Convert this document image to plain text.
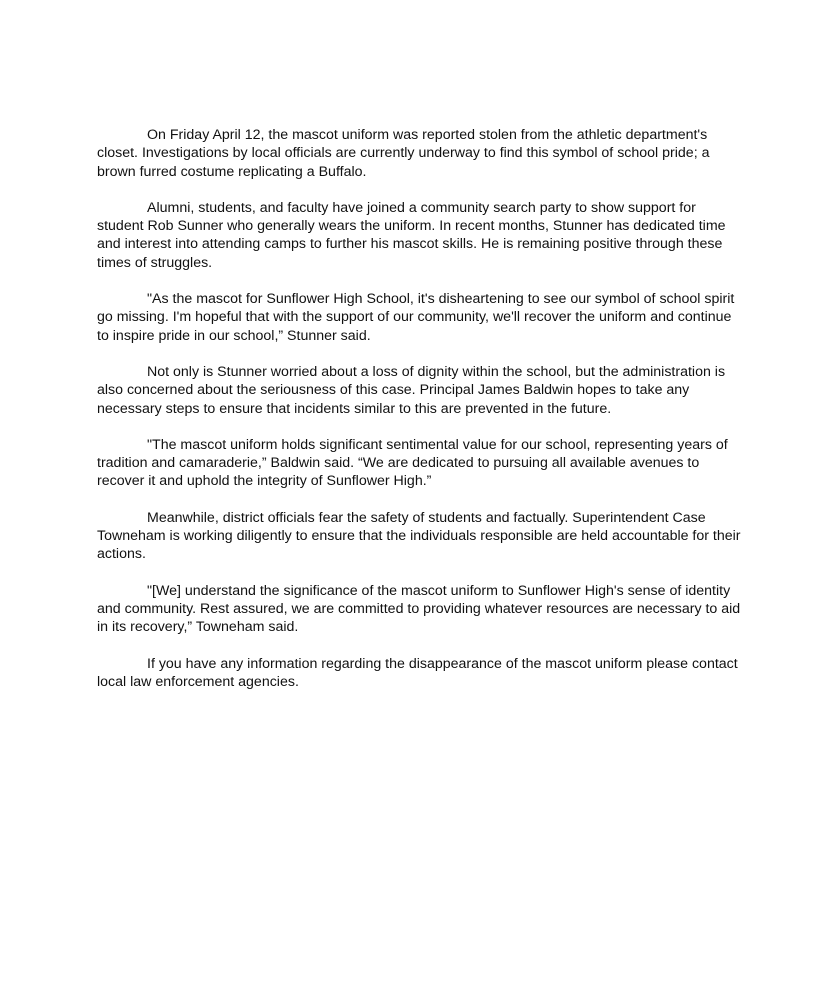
On Friday April 12, the mascot uniform was reported stolen from the athletic department's closet. Investigations by local officials are currently underway to find this symbol of school pride; a brown furred costume replicating a Buffalo.

Alumni, students, and faculty have joined a community search party to show support for student Rob Sunner who generally wears the uniform. In recent months, Stunner has dedicated time and interest into attending camps to further his mascot skills. He is remaining positive through these times of struggles.

"As the mascot for Sunflower High School, it's disheartening to see our symbol of school spirit go missing. I'm hopeful that with the support of our community, we'll recover the uniform and continue to inspire pride in our school,” Stunner said.

Not only is Stunner worried about a loss of dignity within the school, but the administration is also concerned about the seriousness of this case. Principal James Baldwin hopes to take any necessary steps to ensure that incidents similar to this are prevented in the future.

"The mascot uniform holds significant sentimental value for our school, representing years of tradition and camaraderie,” Baldwin said. “We are dedicated to pursuing all available avenues to recover it and uphold the integrity of Sunflower High.”

Meanwhile, district officials fear the safety of students and factually. Superintendent Case Towneham is working diligently to ensure that the individuals responsible are held accountable for their actions.

"[We] understand the significance of the mascot uniform to Sunflower High's sense of identity and community. Rest assured, we are committed to providing whatever resources are necessary to aid in its recovery,” Towneham said.

If you have any information regarding the disappearance of the mascot uniform please contact local law enforcement agencies.
